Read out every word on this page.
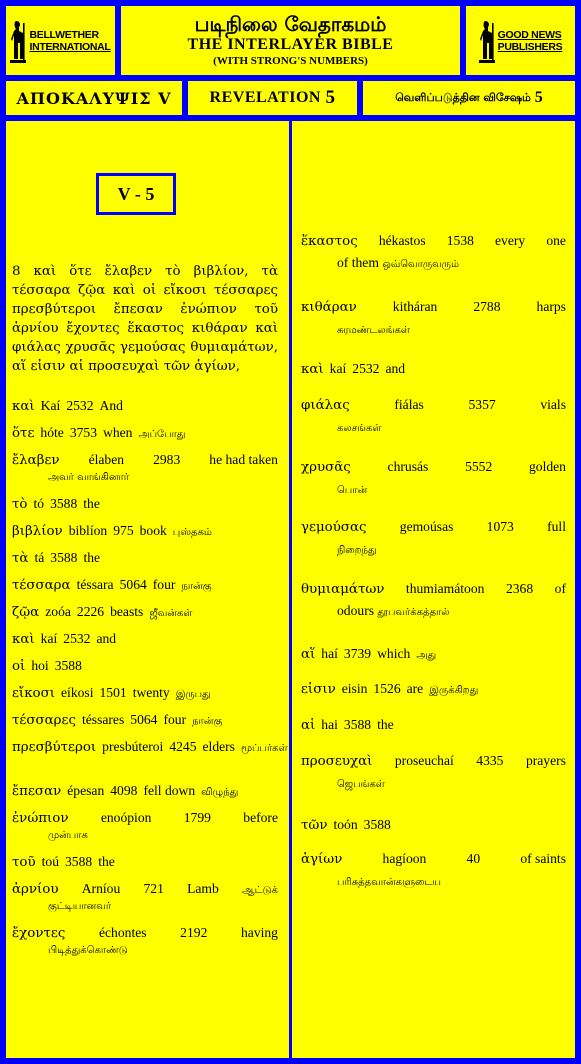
BELLWETHER
INTERNATIONAL
படிநிலை வேதாகமம்
THE INTERLAYER BIBLE
(WITH STRONG'S NUMBERS)
GOOD NEWS
PUBLISHERS
ΑΠΟΚΑΛΥΨΙΣ V REVELATION
5	வெளிப்படுத்தின விசேஷம்
5
V - 5
8 καὶ ὅτε ἔλαβεν τὸ βιβλίον, τὰ τέσσαρα ζῷα καὶ οἱ εἴκοσι τέσσαρες πρεσβύτεροι ἔπεσαν ἐνώπιον τοῦ ἀρνίου ἔχοντες ἕκαστος κιθάραν καὶ φιάλας χρυσᾶς γεμούσας θυμιαμάτων, αἵ εἰσιν αἱ προσευχαὶ τῶν ἁγίων,
καὶ Kaí 2532 And
ὅτε hóte 3753 when அப்போது
ἔλαβεν élaben 2983 he had taken
அவர் வாங்கினார்
τὸ tó 3588 the
βιβλίον biblíon 975 book புஸ்தகம்
τὰ tá 3588 the
τέσσαρα téssara 5064 four நான்கு
ζῷα zoóa 2226 beasts ஜீவன்கள்
καὶ kaí 2532 and
οἱ hoi 3588
εἴκοσι eíkosi 1501 twenty இருபது
τέσσαρες téssares 5064 four நான்கு
πρεσβύτεροι presbúteroi 4245 elders மூப்பர்கள்
ἔπεσαν épesan 4098 fell down விழுந்து
ἐνώπιον enoópion 1799 before
முன்பாக
τοῦ toú 3588 the
ἀρνίου Arníou 721 Lamb ஆட்டுக்
குட்டியானவர்
ἔχοντες échontes 2192 having
பிடித்துக்கொண்டு
ἕκαστος hékastos 1538 every one
of them ஒவ்வொருவரும்
κιθάραν	kitháran	2788	harps
சுரமண்டலங்கள்
καὶ kaí 2532 and
φιάλας	fiálas	5357	vials
கலசங்கள்
χρυσᾶς	chrusás	5552	golden
பொன்
γεμούσας gemoúsas 1073 full
நிறைந்து
θυμιαμάτων thumiamátoon 2368 of
odours தூபவர்க்கத்தால்
αἵ haí 3739 which அது
εἰσιν eisin 1526 are இருக்கிறது
αἱ hai 3588 the
προσευχαὶ proseuchaí 4335 prayers
ஜெபங்கள்
τῶν toón 3588
ἁγίων	hagíoon	40	of saints
பரிசுத்தவான்களுடைய
